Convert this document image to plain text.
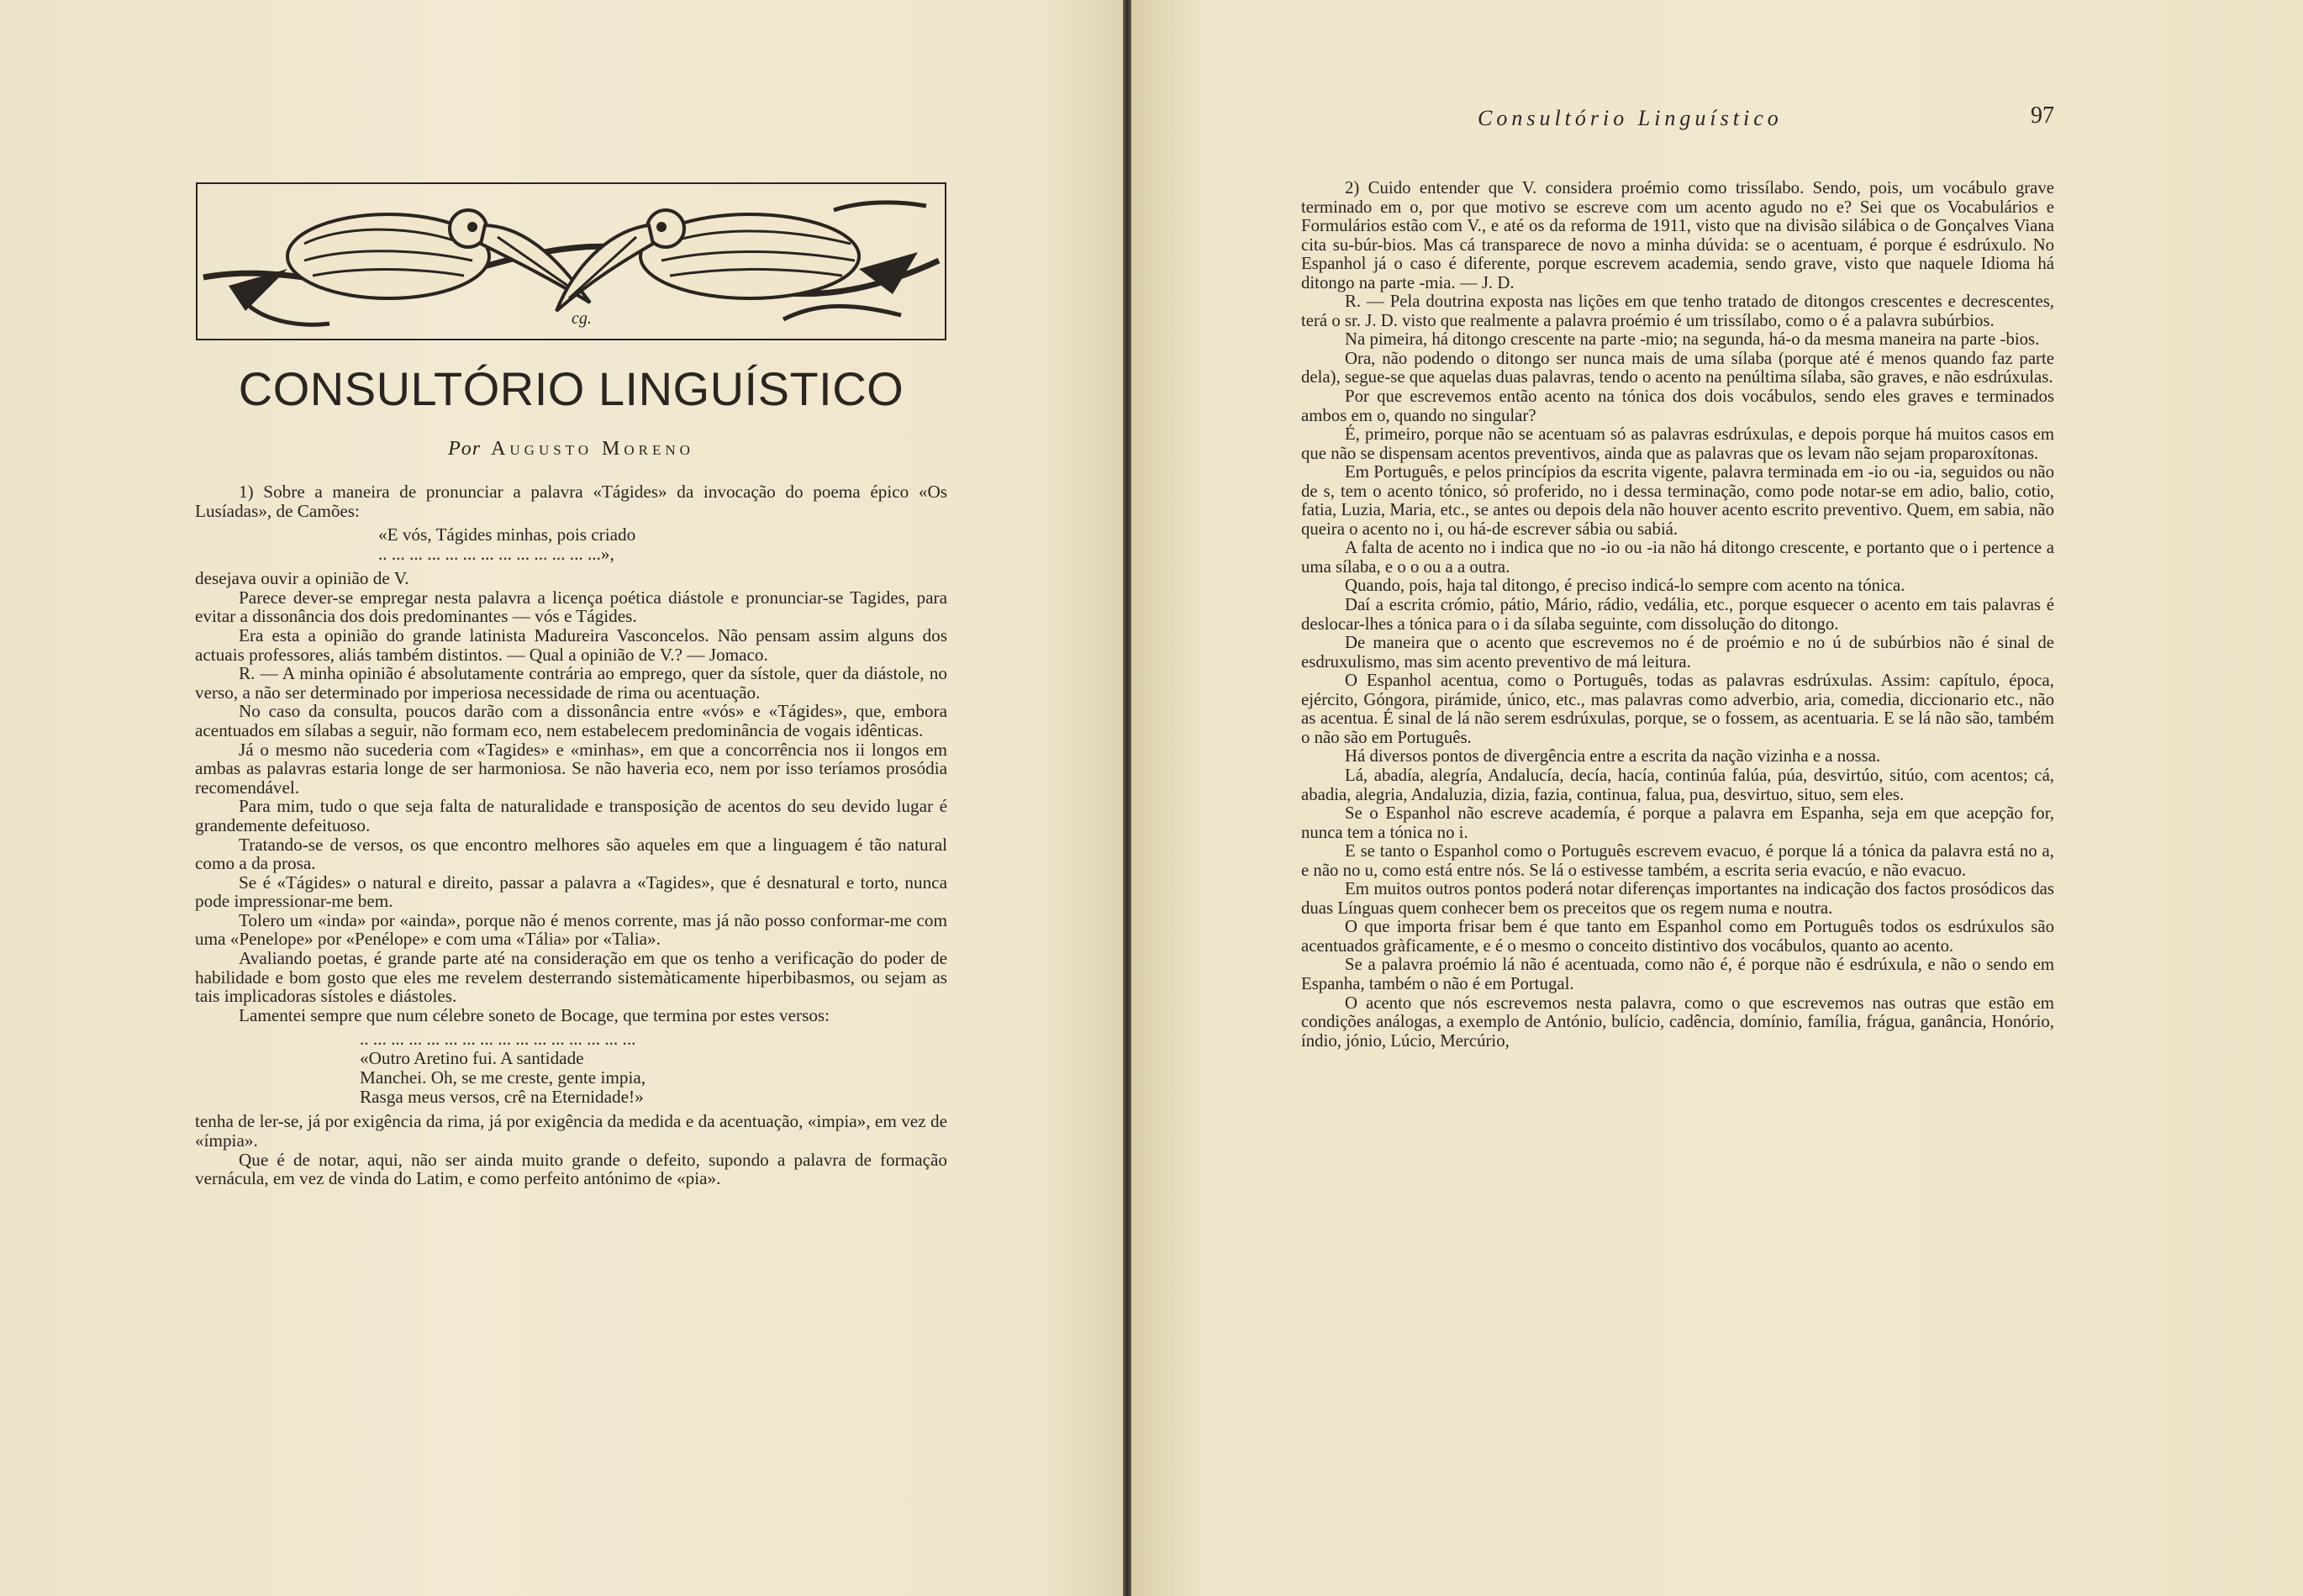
cg.
CONSULTÓRIO LINGUÍSTICO
Por Augusto Moreno

1) Sobre a maneira de pronunciar a palavra «Tágides» da invocação do poema épico «Os Lusíadas», de Camões:

«E vós, Tágides minhas, pois criado
.. ... ... ... ... ... ... ... ... ... ... ... ...»,

desejava ouvir a opinião de V.

Parece dever-se empregar nesta palavra a licença poética diástole e pronunciar-se Tagides, para evitar a dissonância dos dois predominantes — vós e Tágides.

Era esta a opinião do grande latinista Madureira Vasconcelos. Não pensam assim alguns dos actuais professores, aliás também distintos. — Qual a opinião de V.? — Jomaco.

R. — A minha opinião é absolutamente contrária ao emprego, quer da sístole, quer da diástole, no verso, a não ser determinado por imperiosa necessidade de rima ou acentuação.

No caso da consulta, poucos darão com a dissonância entre «vós» e «Tágides», que, embora acentuados em sílabas a seguir, não formam eco, nem estabelecem predominância de vogais idênticas.

Já o mesmo não sucederia com «Tagides» e «minhas», em que a concorrência nos ii longos em ambas as palavras estaria longe de ser harmoniosa. Se não haveria eco, nem por isso teríamos prosódia recomendável.

Para mim, tudo o que seja falta de naturalidade e transposição de acentos do seu devido lugar é grandemente defeituoso.

Tratando-se de versos, os que encontro melhores são aqueles em que a linguagem é tão natural como a da prosa.

Se é «Tágides» o natural e direito, passar a palavra a «Tagides», que é desnatural e torto, nunca pode impressionar-me bem.

Tolero um «inda» por «ainda», porque não é menos corrente, mas já não posso conformar-me com uma «Penelope» por «Penélope» e com uma «Tália» por «Talia».

Avaliando poetas, é grande parte até na consideração em que os tenho a verificação do poder de habilidade e bom gosto que eles me revelem desterrando sistemàticamente hiperbibasmos, ou sejam as tais implicadoras sístoles e diástoles.

Lamentei sempre que num célebre soneto de Bocage, que termina por estes versos:

.. ... ... ... ... ... ... ... ... ... ... ... ... ... ... ...
«Outro Aretino fui. A santidade
Manchei. Oh, se me creste, gente impia,
Rasga meus versos, crê na Eternidade!»

tenha de ler-se, já por exigência da rima, já por exigência da medida e da acentuação, «impia», em vez de «ímpia».

Que é de notar, aqui, não ser ainda muito grande o defeito, supondo a palavra de formação vernácula, em vez de vinda do Latim, e como perfeito antónimo de «pia».

Consultório Linguístico	97

2) Cuido entender que V. considera proémio como trissílabo. Sendo, pois, um vocábulo grave terminado em o, por que motivo se escreve com um acento agudo no e? Sei que os Vocabulários e Formulários estão com V., e até os da reforma de 1911, visto que na divisão silábica o de Gonçalves Viana cita su-búr-bios. Mas cá transparece de novo a minha dúvida: se o acentuam, é porque é esdrúxulo. No Espanhol já o caso é diferente, porque escrevem academia, sendo grave, visto que naquele Idioma há ditongo na parte -mia. — J. D.

R. — Pela doutrina exposta nas lições em que tenho tratado de ditongos crescentes e decrescentes, terá o sr. J. D. visto que realmente a palavra proémio é um trissílabo, como o é a palavra subúrbios.

Na pimeira, há ditongo crescente na parte -mio; na segunda, há-o da mesma maneira na parte -bios.

Ora, não podendo o ditongo ser nunca mais de uma sílaba (porque até é menos quando faz parte dela), segue-se que aquelas duas palavras, tendo o acento na penúltima sílaba, são graves, e não esdrúxulas.

Por que escrevemos então acento na tónica dos dois vocábulos, sendo eles graves e terminados ambos em o, quando no singular?

É, primeiro, porque não se acentuam só as palavras esdrúxulas, e depois porque há muitos casos em que não se dispensam acentos preventivos, ainda que as palavras que os levam não sejam proparoxítonas.

Em Português, e pelos princípios da escrita vigente, palavra terminada em -io ou -ia, seguidos ou não de s, tem o acento tónico, só proferido, no i dessa terminação, como pode notar-se em adio, balio, cotio, fatia, Luzia, Maria, etc., se antes ou depois dela não houver acento escrito preventivo. Quem, em sabia, não queira o acento no i, ou há-de escrever sábia ou sabiá.

A falta de acento no i indica que no -io ou -ia não há ditongo crescente, e portanto que o i pertence a uma sílaba, e o o ou a a outra.

Quando, pois, haja tal ditongo, é preciso indicá-lo sempre com acento na tónica.

Daí a escrita crómio, pátio, Mário, rádio, vedália, etc., porque esquecer o acento em tais palavras é deslocar-lhes a tónica para o i da sílaba seguinte, com dissolução do ditongo.

De maneira que o acento que escrevemos no é de proémio e no ú de subúrbios não é sinal de esdruxulismo, mas sim acento preventivo de má leitura.

O Espanhol acentua, como o Português, todas as palavras esdrúxulas. Assim: capítulo, época, ejército, Góngora, pirámide, único, etc., mas palavras como adverbio, aria, comedia, diccionario etc., não as acentua. É sinal de lá não serem esdrúxulas, porque, se o fossem, as acentuaria. E se lá não são, também o não são em Português.

Há diversos pontos de divergência entre a escrita da nação vizinha e a nossa.

Lá, abadía, alegría, Andalucía, decía, hacía, continúa falúa, púa, desvirtúo, sitúo, com acentos; cá, abadia, alegria, Andaluzia, dizia, fazia, continua, falua, pua, desvirtuo, situo, sem eles.

Se o Espanhol não escreve academía, é porque a palavra em Espanha, seja em que acepção for, nunca tem a tónica no i.

E se tanto o Espanhol como o Português escrevem evacuo, é porque lá a tónica da palavra está no a, e não no u, como está entre nós. Se lá o estivesse também, a escrita seria evacúo, e não evacuo.

Em muitos outros pontos poderá notar diferenças importantes na indicação dos factos prosódicos das duas Línguas quem conhecer bem os preceitos que os regem numa e noutra.

O que importa frisar bem é que tanto em Espanhol como em Português todos os esdrúxulos são acentuados gràficamente, e é o mesmo o conceito distintivo dos vocábulos, quanto ao acento.

Se a palavra proémio lá não é acentuada, como não é, é porque não é esdrúxula, e não o sendo em Espanha, também o não é em Portugal.

O acento que nós escrevemos nesta palavra, como o que escrevemos nas outras que estão em condições análogas, a exemplo de António, bulício, cadência, domínio, família, frágua, ganância, Honório, índio, jónio, Lúcio, Mercúrio,
